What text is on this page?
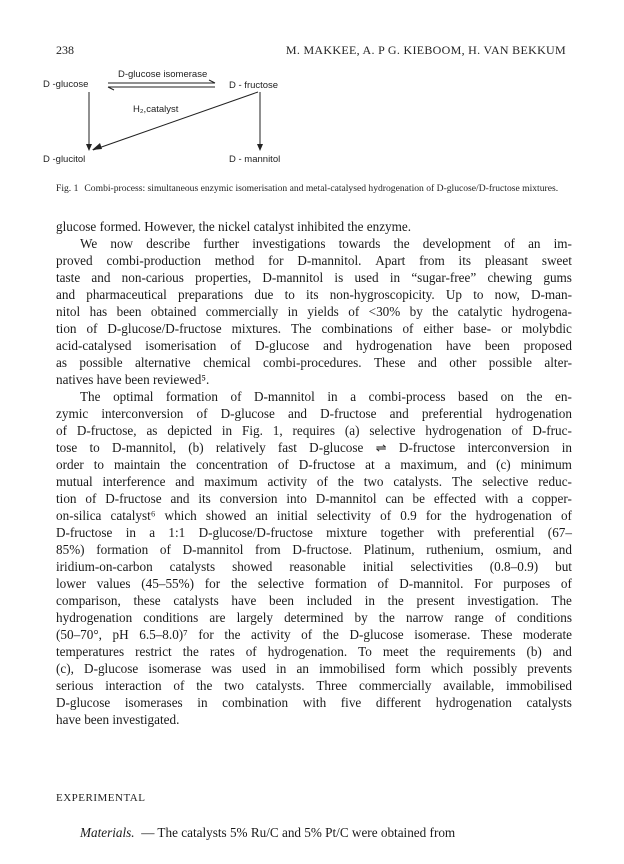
238	M. MAKKEE, A. P G. KIEBOOM, H. VAN BEKKUM
D -glucose
D-glucose isomerase
D - fructose
H₂,catalyst
D -glucitol	D - mannitol
Fig. 1 Combi-process: simultaneous enzymic isomerisation and metal-catalysed hydrogenation of D-glucose/D-fructose mixtures.
glucose formed. However, the nickel catalyst inhibited the enzyme.
We now describe further investigations towards the development of an im-
proved combi-production method for D-mannitol. Apart from its pleasant sweet
taste and non-carious properties, D-mannitol is used in “sugar-free” chewing gums
and pharmaceutical preparations due to its non-hygroscopicity. Up to now, D-man-
nitol has been obtained commercially in yields of <30% by the catalytic hydrogena-
tion of D-glucose/D-fructose mixtures. The combinations of either base- or molybdic
acid-catalysed isomerisation of D-glucose and hydrogenation have been proposed
as possible alternative chemical combi-procedures. These and other possible alter-
natives have been reviewed⁵.
The optimal formation of D-mannitol in a combi-process based on the en-
zymic interconversion of D-glucose and D-fructose and preferential hydrogenation
of D-fructose, as depicted in Fig. 1, requires (a) selective hydrogenation of D-fruc-
tose to D-mannitol, (b) relatively fast D-glucose ⇌ D-fructose interconversion in
order to maintain the concentration of D-fructose at a maximum, and (c) minimum
mutual interference and maximum activity of the two catalysts. The selective reduc-
tion of D-fructose and its conversion into D-mannitol can be effected with a copper-
on-silica catalyst⁶ which showed an initial selectivity of 0.9 for the hydrogenation of
D-fructose in a 1:1 D-glucose/D-fructose mixture together with preferential (67–
85%) formation of D-mannitol from D-fructose. Platinum, ruthenium, osmium, and
iridium-on-carbon catalysts showed reasonable initial selectivities (0.8–0.9) but
lower values (45–55%) for the selective formation of D-mannitol. For purposes of
comparison, these catalysts have been included in the present investigation. The
hydrogenation conditions are largely determined by the narrow range of conditions
(50–70°, pH 6.5–8.0)⁷ for the activity of the D-glucose isomerase. These moderate
temperatures restrict the rates of hydrogenation. To meet the requirements (b) and
(c), D-glucose isomerase was used in an immobilised form which possibly prevents
serious interaction of the two catalysts. Three commercially available, immobilised
D-glucose isomerases in combination with five different hydrogenation catalysts
have been investigated.
EXPERIMENTAL
Materials.
— The catalysts 5% Ru/C and 5% Pt/C were obtained from
